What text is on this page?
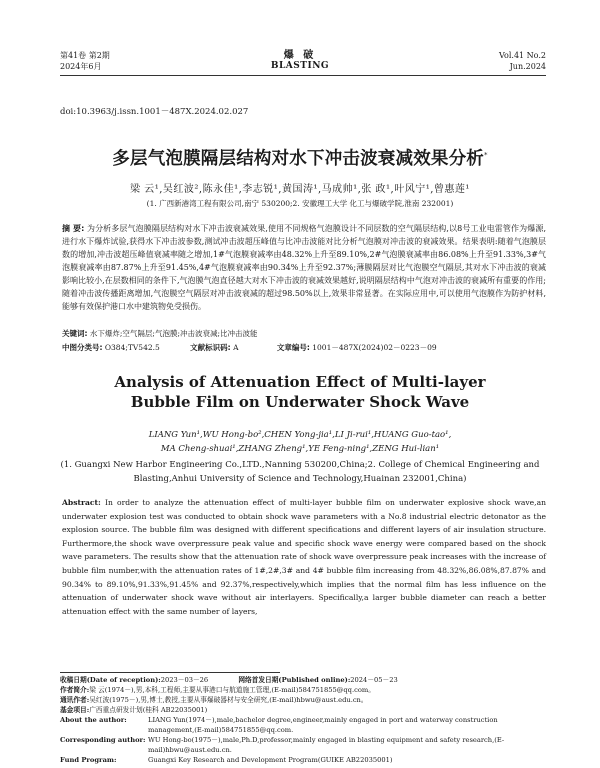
第41卷 第2期
2024年6月
爆 破
BLASTING
Vol.41 No.2
Jun.2024
doi:10.3963/j.issn.1001－487X.2024.02.027
多层气泡膜隔层结构对水下冲击波衰减效果分析*
梁 云¹,吴红波²,陈永佳¹,李志锐¹,黄国涛¹,马成帅¹,张 政¹,叶风宁¹,曾惠莲¹
(1. 广西新港湾工程有限公司,南宁 530200;2. 安徽理工大学 化工与爆破学院,淮南 232001)
摘 要: 为分析多层气泡膜隔层结构对水下冲击波衰减效果,使用不同规格气泡膜设计不同层数的空气隔层结构,以8号工业电雷管作为爆源,进行水下爆炸试验,获得水下冲击波参数,测试冲击波超压峰值与比冲击波能对比分析气泡膜对冲击波的衰减效果。结果表明:随着气泡膜层数的增加,冲击波超压峰值衰减率随之增加,1#气泡膜衰减率由48.32%上升至89.10%,2#气泡膜衰减率由86.08%上升至91.33%,3#气泡膜衰减率由87.87%上升至91.45%,4#气泡膜衰减率由90.34%上升至92.37%;薄膜隔层对比气泡膜空气隔层,其对水下冲击波的衰减影响比较小,在层数相同的条件下,气泡膜气泡直径越大对水下冲击波的衰减效果越好,说明隔层结构中气泡对冲击波的衰减所有重要的作用;随着冲击波传播距离增加,气泡膜空气隔层对冲击波衰减的超过98.50%以上,效果非常显著。在实际应用中,可以使用气泡膜作为防护材料,能够有效保护港口水中建筑物免受损伤。
关键词: 水下爆炸;空气隔层;气泡膜;冲击波衰减;比冲击波能
中图分类号: O384;TV542.5	文献标识码: A	文章编号: 1001－487X(2024)02－0223－09
Analysis of Attenuation Effect of Multi-layer
Bubble Film on Underwater Shock Wave
LIANG Yun¹,WU Hong-bo²,CHEN Yong-jia¹,LI Ji-rui¹,HUANG Guo-tao¹,
MA Cheng-shuai¹,ZHANG Zheng¹,YE Feng-ning¹,ZENG Hui-lian¹
(1. Guangxi New Harbor Engineering Co.,LTD.,Nanning 530200,China;2. College of Chemical Engineering and Blasting,Anhui University of Science and Technology,Huainan 232001,China)
Abstract: In order to analyze the attenuation effect of multi-layer bubble film on underwater explosive shock wave,an underwater explosion test was conducted to obtain shock wave parameters with a No.8 industrial electric detonator as the explosion source. The bubble film was designed with different specifications and different layers of air insulation structure. Furthermore,the shock wave overpressure peak value and specific shock wave energy were compared based on the shock wave parameters. The results show that the attenuation rate of shock wave overpressure peak increases with the increase of bubble film number,with the attenuation rates of 1#,2#,3# and 4# bubble film increasing from 48.32%,86.08%,87.87% and 90.34% to 89.10%,91.33%,91.45% and 92.37%,respectively,which implies that the normal film has less influence on the attenuation of underwater shock wave without air interlayers. Specifically,a larger bubble diameter can reach a better attenuation effect with the same number of layers,
收稿日期(Date of reception):2023－03－26	网络首发日期(Published online):2024－05－23
作者简介:梁 云(1974－),男,本科,工程师,主要从事港口与航道施工管理,(E-mail)584751855@qq.com。
通讯作者:吴红波(1975－),男,博士,教授,主要从事爆破器材与安全研究,(E-mail)hbwu@aust.edu.cn。
基金项目:广西重点研发计划(桂科 AB22035001)
About the author:	LIANG Yun(1974－),male,bachelor degree,engineer,mainly engaged in port and waterway construction management,(E-mail)584751855@qq.com.
Corresponding author: WU Hong-bo(1975－),male,Ph.D,professor,mainly engaged in blasting equipment and safety research,(E-mail)hbwu@aust.edu.cn.
Fund Program:	Guangxi Key Research and Development Program(GUIKE AB22035001)
